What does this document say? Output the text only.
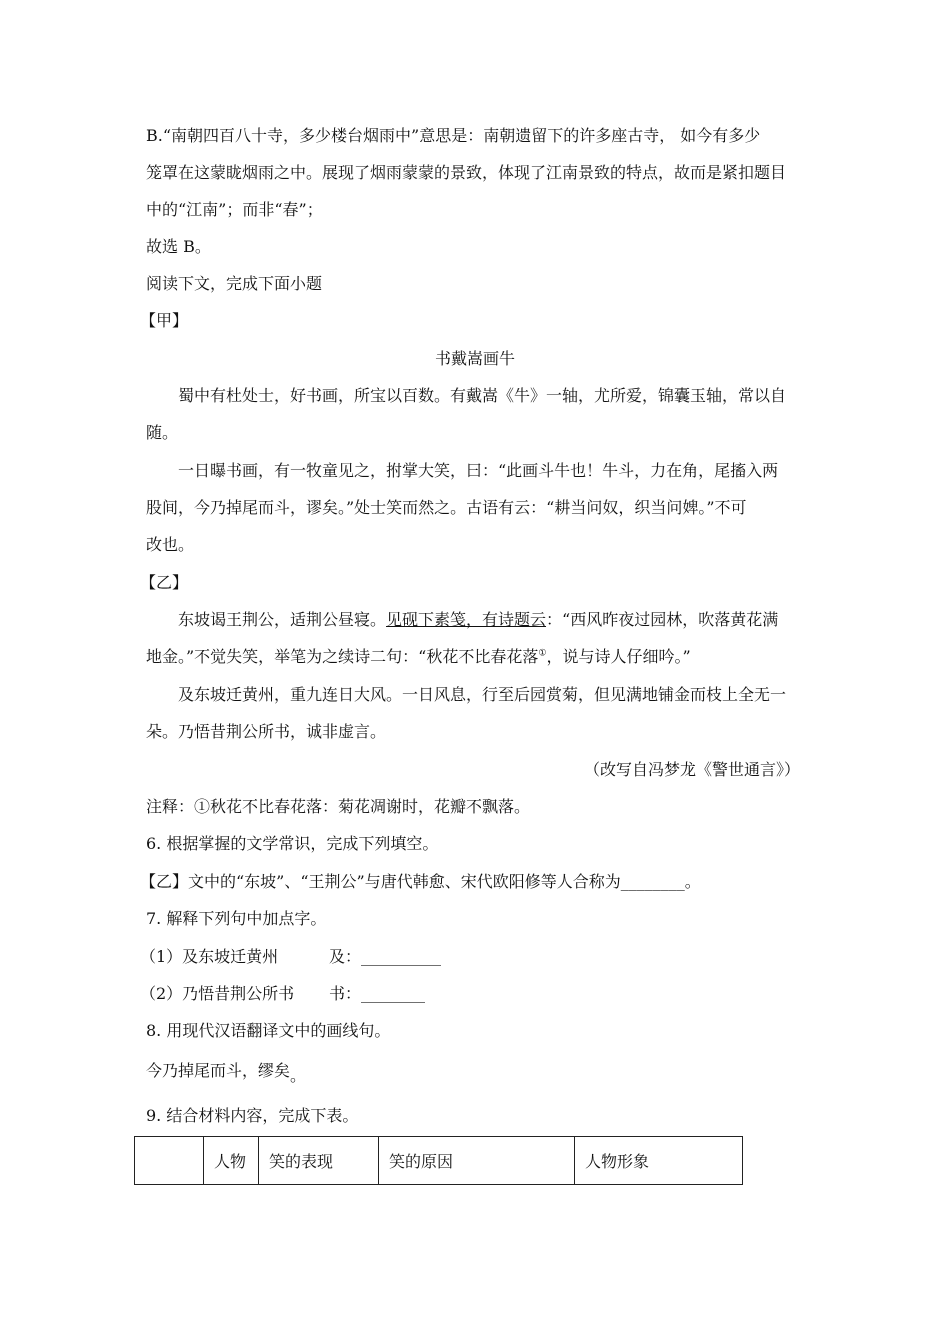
B.“南朝四百八十寺，多少楼台烟雨中”意思是：南朝遗留下的许多座古寺， 如今有多少
笼罩在这蒙眬烟雨之中。展现了烟雨蒙蒙的景致，体现了江南景致的特点，故而是紧扣题目
中的“江南”；而非“春”；
故选 B。
阅读下文，完成下面小题
【甲】
书戴嵩画牛
蜀中有杜处士，好书画，所宝以百数。有戴嵩《牛》一轴，尤所爱，锦囊玉轴，常以自
随。
一日曝书画，有一牧童见之，拊掌大笑，曰：“此画斗牛也！牛斗，力在角，尾搐入两
股间，今乃掉尾而斗，谬矣。”处士笑而然之。古语有云：“耕当问奴，织当问婢。”不可
改也。
【乙】
东坡谒王荆公，适荆公昼寝。见砚下素笺，有诗题云：“西风昨夜过园林，吹落黄花满
地金。”不觉失笑，举笔为之续诗二句：“秋花不比春花落①，说与诗人仔细吟。”
及东坡迁黄州，重九连日大风。一日风息，行至后园赏菊，但见满地铺金而枝上全无一
朵。乃悟昔荆公所书，诚非虚言。
（改写自冯梦龙《警世通言》）
注释：①秋花不比春花落：菊花凋谢时，花瓣不飘落。
6. 根据掌握的文学常识，完成下列填空。
【乙】文中的“东坡”、“王荆公”与唐代韩愈、宋代欧阳修等人合称为________。
7. 解释下列句中加点字。
（1）及东坡迁黄州	及：__________
（2）乃悟昔荆公所书 书：________
8. 用现代汉语翻译文中的画线句。
今乃掉尾而斗，缪矣。
9. 结合材料内容，完成下表。
	人物	笑的表现	笑的原因	人物形象
